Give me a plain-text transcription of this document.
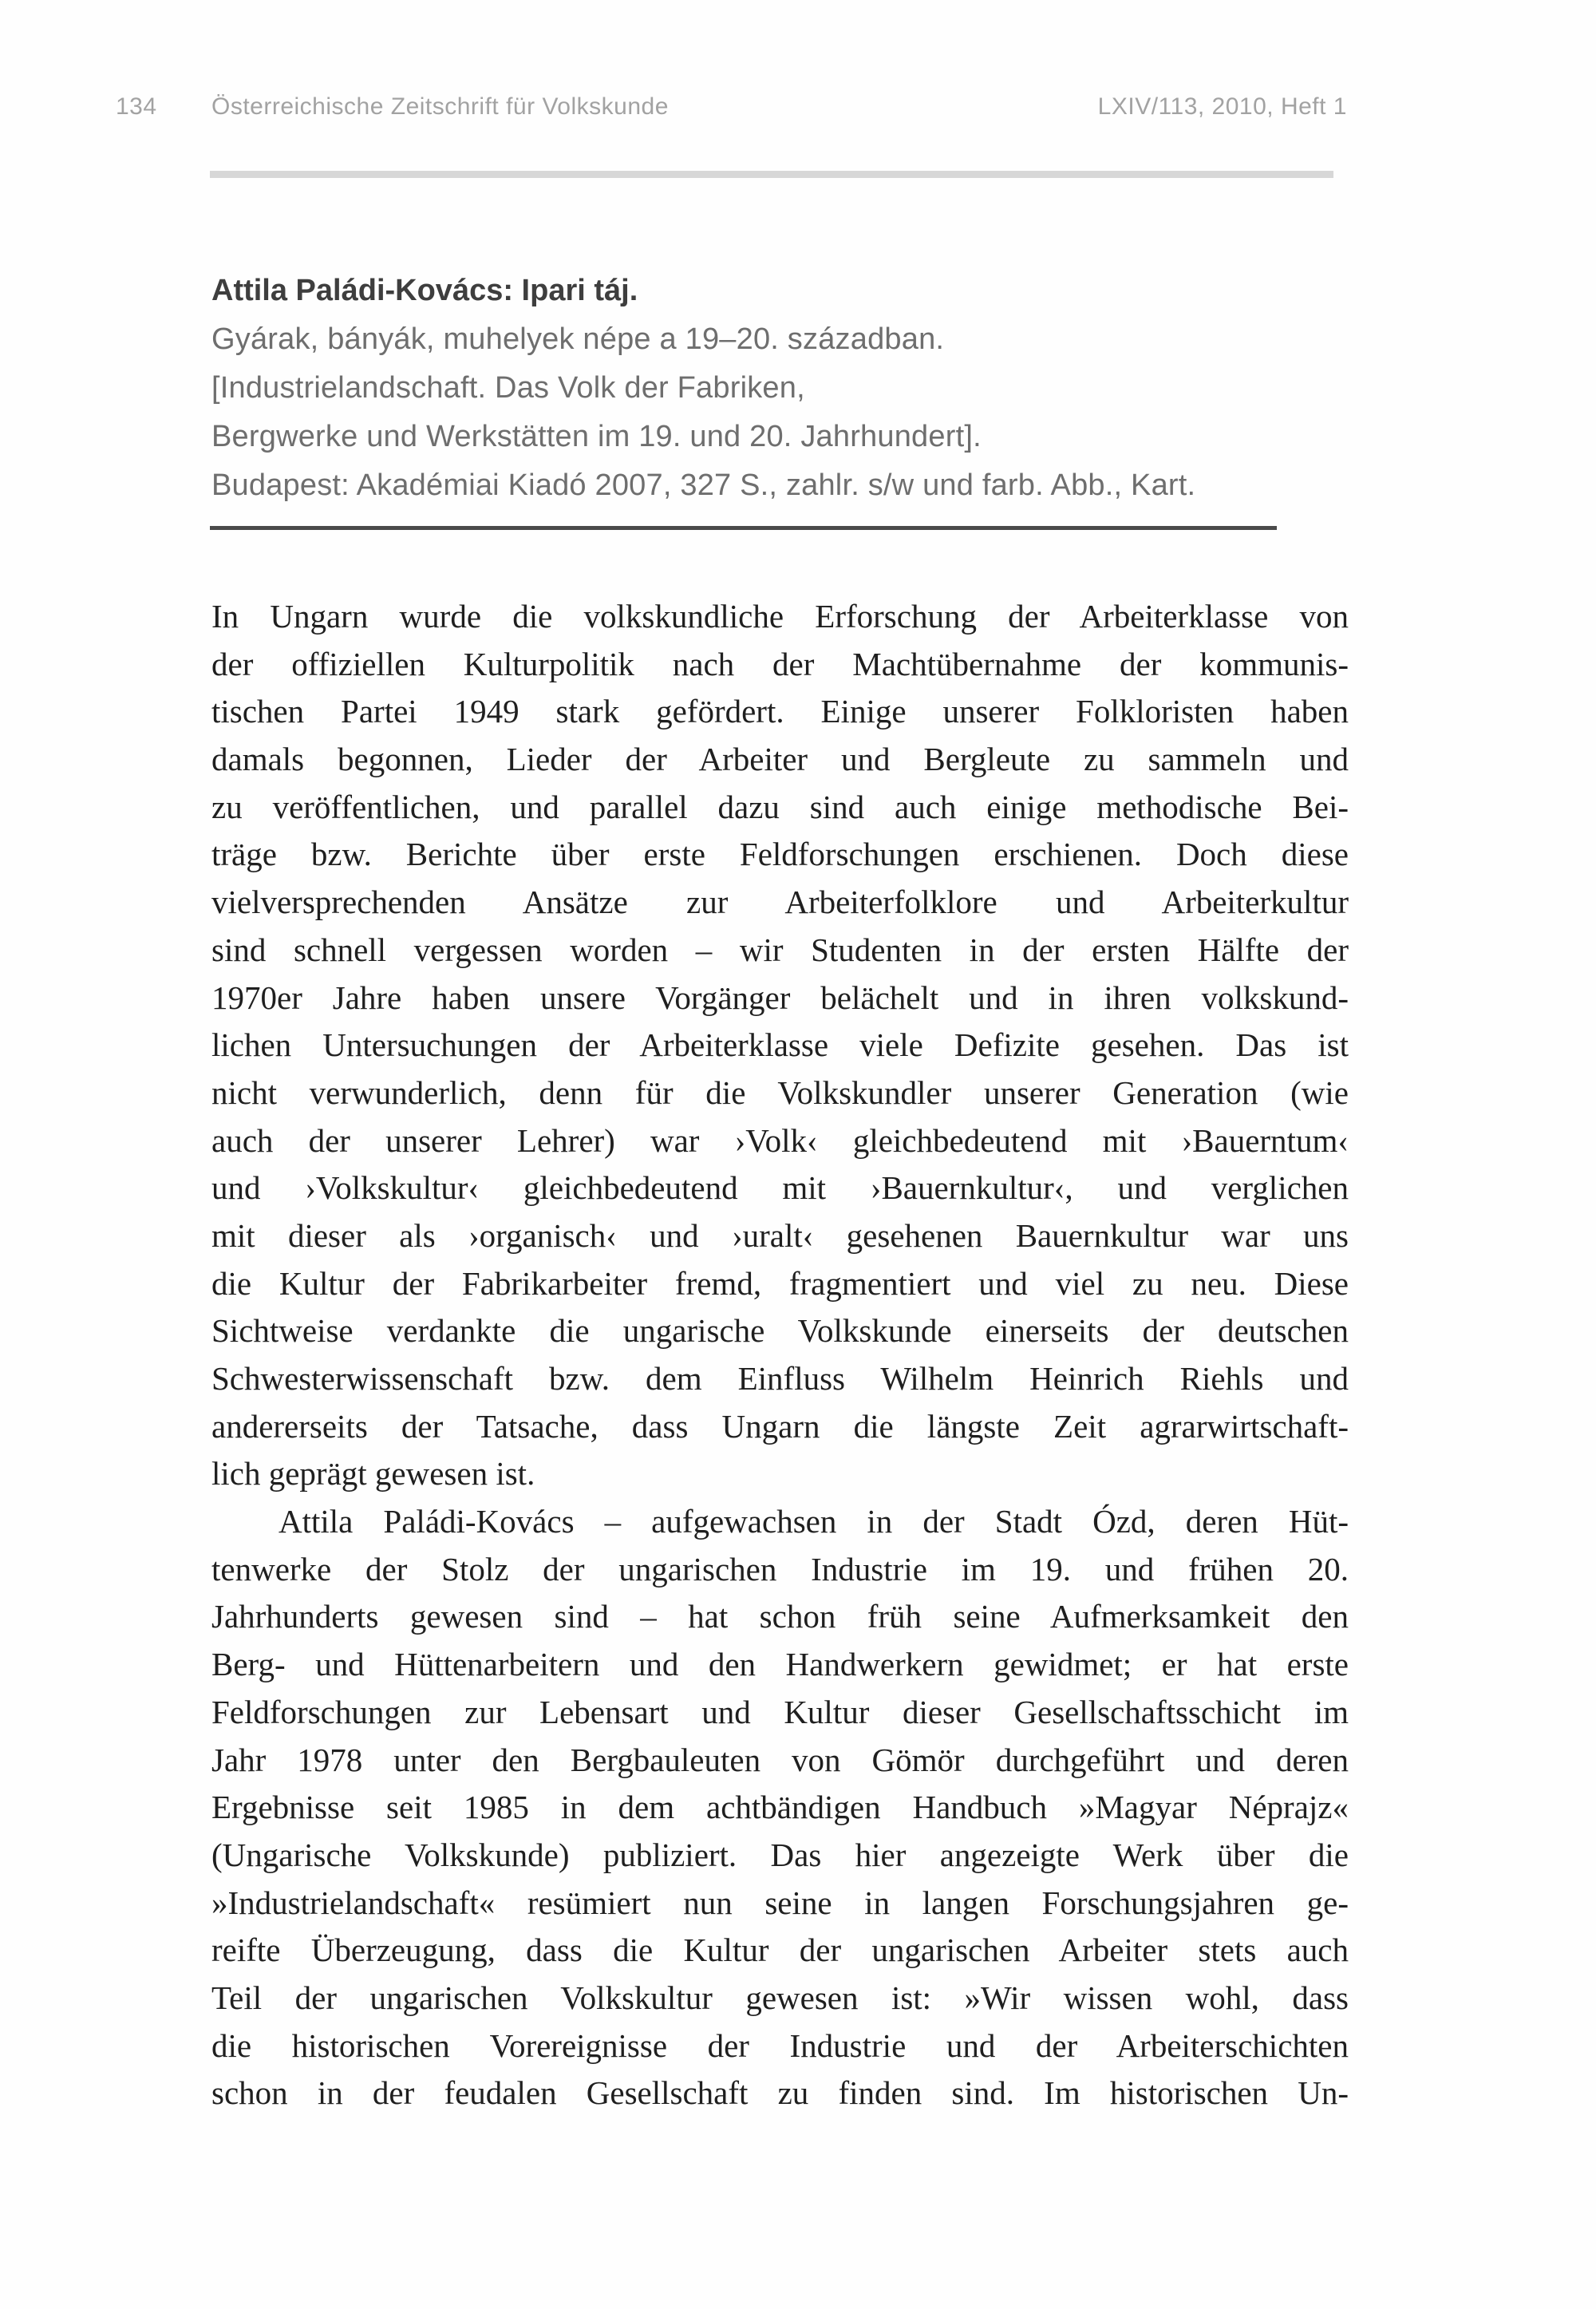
134 Österreichische Zeitschrift für Volkskunde	LXIV/113, 2010, Heft 1
Attila Paládi-Kovács: Ipari táj.
Gyárak, bányák, muhelyek népe a 19–20. században.
[Industrielandschaft. Das Volk der Fabriken,
Bergwerke und Werkstätten im 19. und 20. Jahrhundert].
Budapest: Akadémiai Kiadó 2007, 327 S., zahlr. s/w und farb. Abb., Kart.
In Ungarn wurde die volkskundliche Erforschung der Arbeiterklasse von
der offiziellen Kulturpolitik nach der Machtübernahme der kommunis-
tischen Partei 1949 stark gefördert. Einige unserer Folkloristen haben
damals begonnen, Lieder der Arbeiter und Bergleute zu sammeln und
zu veröffentlichen, und parallel dazu sind auch einige methodische Bei-
träge bzw. Berichte über erste Feldforschungen erschienen. Doch diese
vielversprechenden Ansätze zur Arbeiterfolklore und Arbeiterkultur
sind schnell vergessen worden – wir Studenten in der ersten Hälfte der
1970er Jahre haben unsere Vorgänger belächelt und in ihren volkskund-
lichen Untersuchungen der Arbeiterklasse viele Defizite gesehen. Das ist
nicht verwunderlich, denn für die Volkskundler unserer Generation (wie
auch der unserer Lehrer) war ›Volk‹ gleichbedeutend mit ›Bauerntum‹
und ›Volkskultur‹ gleichbedeutend mit ›Bauernkultur‹, und verglichen
mit dieser als ›organisch‹ und ›uralt‹ gesehenen Bauernkultur war uns
die Kultur der Fabrikarbeiter fremd, fragmentiert und viel zu neu. Diese
Sichtweise verdankte die ungarische Volkskunde einerseits der deutschen
Schwesterwissenschaft bzw. dem Einfluss Wilhelm Heinrich Riehls und
andererseits der Tatsache, dass Ungarn die längste Zeit agrarwirtschaft-
lich geprägt gewesen ist.
Attila Paládi-Kovács – aufgewachsen in der Stadt Ózd, deren Hüt-
tenwerke der Stolz der ungarischen Industrie im 19. und frühen 20.
Jahrhunderts gewesen sind – hat schon früh seine Aufmerksamkeit den
Berg- und Hüttenarbeitern und den Handwerkern gewidmet; er hat erste
Feldforschungen zur Lebensart und Kultur dieser Gesellschaftsschicht im
Jahr 1978 unter den Bergbauleuten von Gömör durchgeführt und deren
Ergebnisse seit 1985 in dem achtbändigen Handbuch »Magyar Néprajz«
(Ungarische Volkskunde) publiziert. Das hier angezeigte Werk über die
»Industrielandschaft« resümiert nun seine in langen Forschungsjahren ge-
reifte Überzeugung, dass die Kultur der ungarischen Arbeiter stets auch
Teil der ungarischen Volkskultur gewesen ist: »Wir wissen wohl, dass
die historischen Vorereignisse der Industrie und der Arbeiterschichten
schon in der feudalen Gesellschaft zu finden sind. Im historischen Un-
